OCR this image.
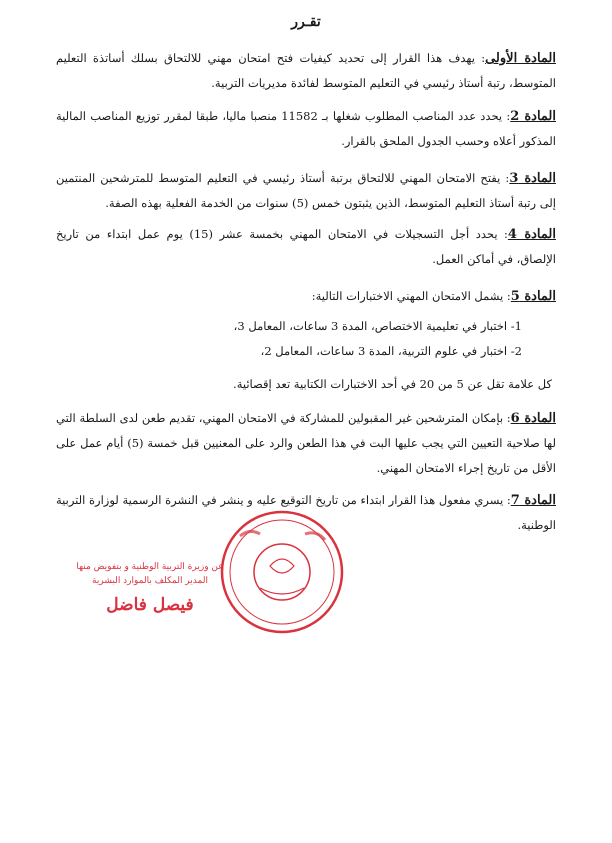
تقـرر
المادة الأولى: يهدف هذا القرار إلى تحديد كيفيات فتح امتحان مهني للالتحاق بسلك أساتذة التعليم المتوسط، رتبة أستاذ رئيسي في التعليم المتوسط لفائدة مديريات التربية.
المادة 2: يحدد عدد المناصب المطلوب شغلها بـ 11582 منصبا ماليا، طبقا لمقرر توزيع المناصب المالية المذكور أعلاه وحسب الجدول الملحق بالقرار.
المادة 3: يفتح الامتحان المهني للالتحاق برتبة أستاذ رئيسي في التعليم المتوسط للمترشحين المنتمين إلى رتبة أستاذ التعليم المتوسط، الذين يثبتون خمس (5) سنوات من الخدمة الفعلية بهذه الصفة.
المادة 4: يحدد أجل التسجيلات في الامتحان المهني بخمسة عشر (15) يوم عمل ابتداء من تاريخ الإلصاق، في أماكن العمل.
المادة 5: يشمل الامتحان المهني الاختبارات التالية:
1- اختبار في تعليمية الاختصاص، المدة 3 ساعات، المعامل 3،
2- اختبار في علوم التربية، المدة 3 ساعات، المعامل 2،
كل علامة تقل عن 5 من 20 في أحد الاختبارات الكتابية تعد إقصائية.
المادة 6: بإمكان المترشحين غير المقبولين للمشاركة في الامتحان المهني، تقديم طعن لدى السلطة التي لها صلاحية التعيين التي يجب عليها البت في هذا الطعن والرد على المعنيين قبل خمسة (5) أيام عمل على الأقل من تاريخ إجراء الامتحان المهني.
المادة 7: يسري مفعول هذا القرار ابتداء من تاريخ التوقيع عليه و ينشر في النشرة الرسمية لوزارة التربية الوطنية.
عن وزيرة التربية الوطنية و بتفويض منها
المدير المكلف بالموارد البشرية
فيصل فاضل
